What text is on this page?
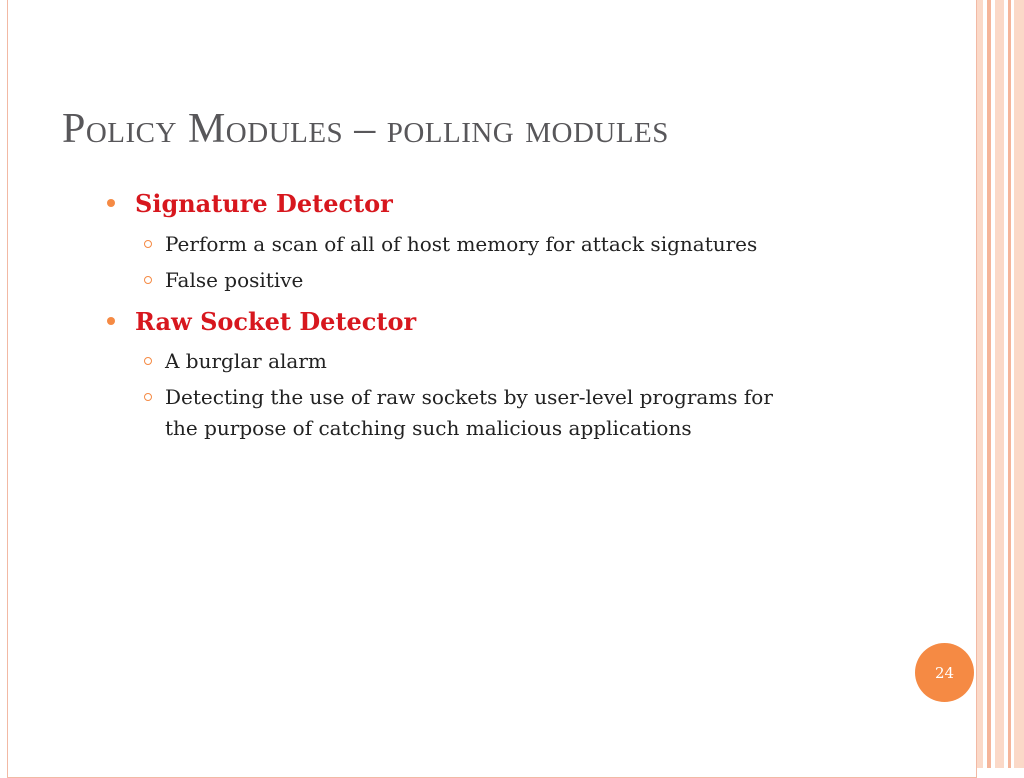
Policy Modules – polling modules
Signature Detector
Perform a scan of all of host memory for attack signatures
False positive
Raw Socket Detector
A burglar alarm
Detecting the use of raw sockets by user-level programs for
the purpose of catching such malicious applications
24
